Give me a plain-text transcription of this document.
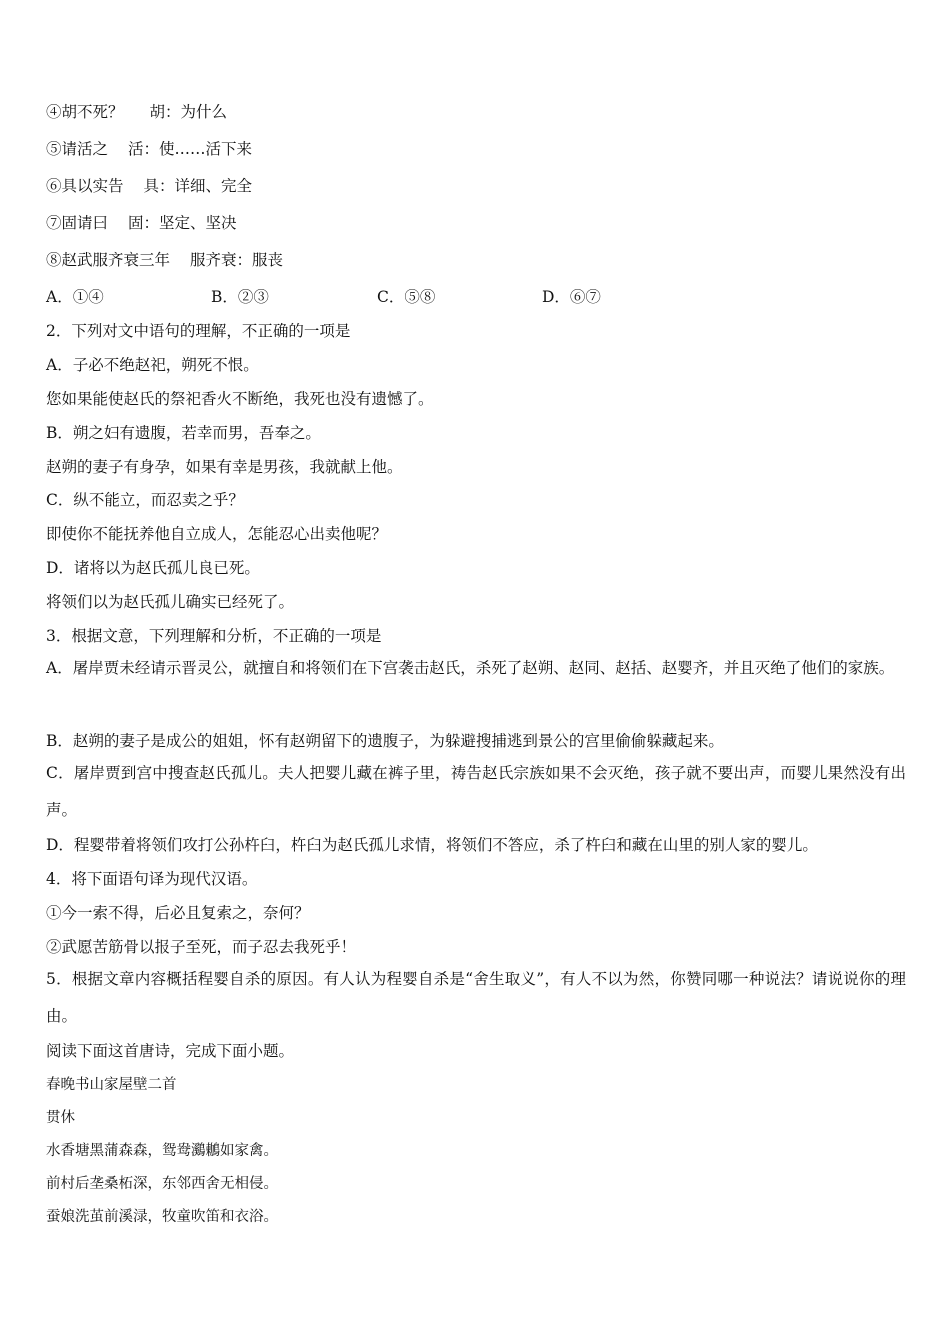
④胡不死？ 胡：为什么
⑤请活之 活：使……活下来
⑥具以实告 具：详细、完全
⑦固请曰 固：坚定、坚决
⑧赵武服齐衰三年 服齐衰：服丧
A．①④	B．②③	C．⑤⑧	D．⑥⑦
2．下列对文中语句的理解，不正确的一项是
A．子必不绝赵祀，朔死不恨。
您如果能使赵氏的祭祀香火不断绝，我死也没有遗憾了。
B．朔之妇有遗腹，若幸而男，吾奉之。
赵朔的妻子有身孕，如果有幸是男孩，我就献上他。
C．纵不能立，而忍卖之乎？
即使你不能抚养他自立成人，怎能忍心出卖他呢？
D．诸将以为赵氏孤儿良已死。
将领们以为赵氏孤儿确实已经死了。
3．根据文意，下列理解和分析，不正确的一项是
A．屠岸贾未经请示晋灵公，就擅自和将领们在下宫袭击赵氏，杀死了赵朔、赵同、赵括、赵婴齐，并且灭绝了他们的家族。
B．赵朔的妻子是成公的姐姐，怀有赵朔留下的遗腹子，为躲避搜捕逃到景公的宫里偷偷躲藏起来。
C．屠岸贾到宫中搜查赵氏孤儿。夫人把婴儿藏在裤子里，祷告赵氏宗族如果不会灭绝，孩子就不要出声，而婴儿果然没有出声。
D．程婴带着将领们攻打公孙杵臼，杵臼为赵氏孤儿求情，将领们不答应，杀了杵臼和藏在山里的别人家的婴儿。
4．将下面语句译为现代汉语。
①今一索不得，后必且复索之，奈何？
②武愿苦筋骨以报子至死，而子忍去我死乎！
5．根据文章内容概括程婴自杀的原因。有人认为程婴自杀是“舍生取义”，有人不以为然，你赞同哪一种说法？请说说你的理由。
阅读下面这首唐诗，完成下面小题。
春晚书山家屋壁二首
贯休
水香塘黑蒲森森，鸳鸯鸂鶒如家禽。
前村后垄桑柘深，东邻西舍无相侵。
蚕娘洗茧前溪渌，牧童吹笛和衣浴。
